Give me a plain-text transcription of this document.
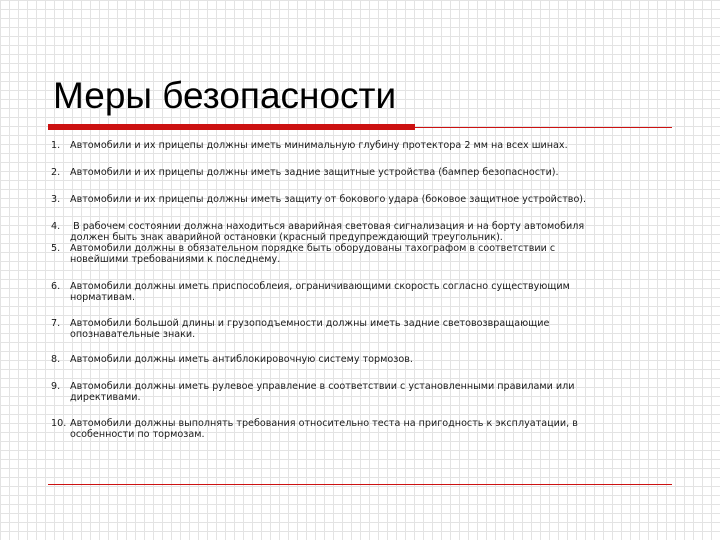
Меры безопасности
1.	Автомобили и их прицепы должны иметь минимальную глубину протектора 2 мм на всех шинах.
2.	Автомобили и их прицепы должны иметь задние защитные устройства (бампер безопасности).
3.	Автомобили и их прицепы должны иметь защиту от бокового удара (боковое защитное устройство).
4.	В рабочем состоянии должна находиться аварийная световая сигнализация и на борту автомобиля
должен быть знак аварийной остановки (красный предупреждающий треугольник).
5.	Автомобили должны в обязательном порядке быть оборудованы тахографом в соответствии с
новейшими требованиями к последнему.
6.	Автомобили должны иметь приспособлеия, ограничивающими скорость согласно существующим
нормативам.
7.	Автомобили большой длины и грузоподъемности должны иметь задние световозвращающие
опознавательные знаки.
8.	Автомобили должны иметь антиблокировочную систему тормозов.
9.	Автомобили должны иметь рулевое управление в соответствии с установленными правилами или
директивами.
10. Автомобили должны выполнять требования относительно теста на пригодность к эксплуатации, в
особенности по тормозам.
